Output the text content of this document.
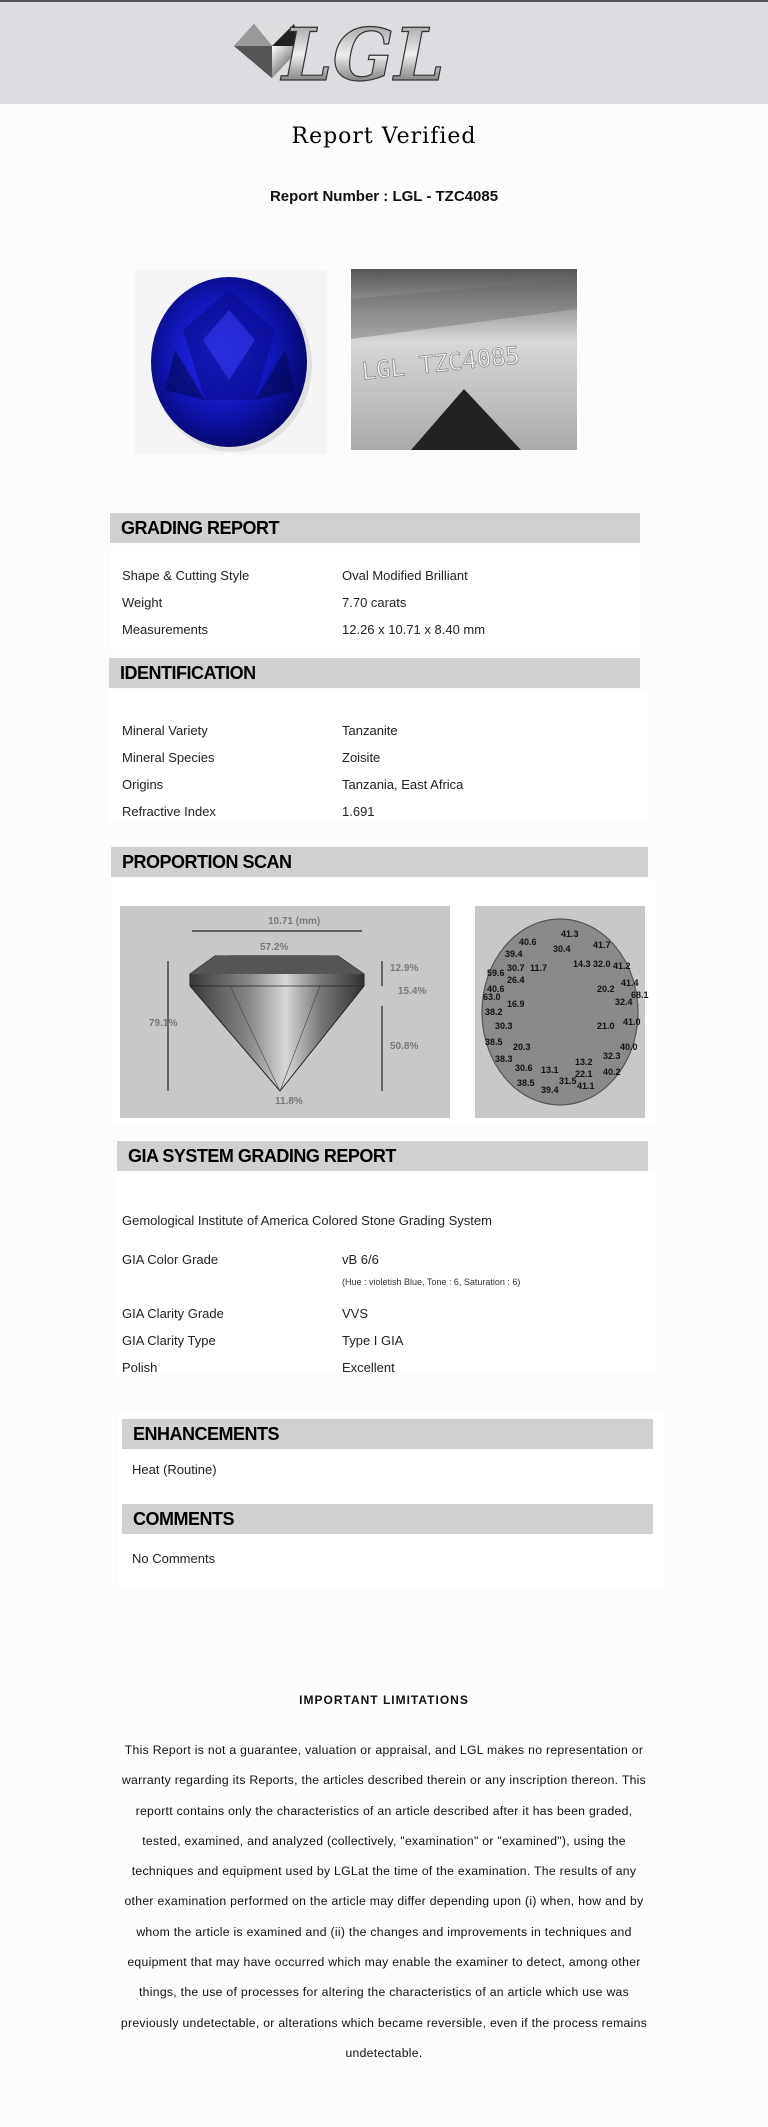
LGL
Report Verified
Report Number : LGL - TZC4085
LGL TZC4085
GRADING REPORT
Shape & Cutting Style	Oval Modified Brilliant
Weight	7.70 carats
Measurements	12.26 x 10.71 x 8.40 mm
IDENTIFICATION
Mineral Variety	Tanzanite
Mineral Species	Zoisite
Origins	Tanzania, East Africa
Refractive Index	1.691
PROPORTION SCAN
10.71 (mm)
57.2%
79.1%
12.9%
15.4%
50.8%
11.8%
40.6
41.3
39.4	30.4 41.7
30.7 11.7	14.3 32.0 41.2
59.6
26.4
40.6	20.2
41.4
63.0
16.9
68.1
38.2
32.4
30.3	41.0
21.0
38.5 20.3	40.0
32.3
38.3
30.6 13.1
13.2
40.2
38.5	31.5
22.1
41.1
39.4
GIA SYSTEM GRADING REPORT
Gemological Institute of America Colored Stone Grading System
GIA Color Grade	vB 6/6
(Hue : violetish Blue, Tone : 6, Saturation : 6)
GIA Clarity Grade	VVS
GIA Clarity Type	Type I GIA
Polish	Excellent
ENHANCEMENTS
Heat (Routine)
COMMENTS
No Comments
IMPORTANT LIMITATIONS
This Report is not a guarantee, valuation or appraisal, and LGL makes no representation or warranty regarding its Reports, the articles described therein or any inscription thereon. This reportt contains only the characteristics of an article described after it has been graded, tested, examined, and analyzed (collectively, "examination" or "examined"), using the techniques and equipment used by LGLat the time of the examination. The results of any other examination performed on the article may differ depending upon (i) when, how and by whom the article is examined and (ii) the changes and improvements in techniques and equipment that may have occurred which may enable the examiner to detect, among other things, the use of processes for altering the characteristics of an article which use was previously undetectable, or alterations which became reversible, even if the process remains undetectable.
